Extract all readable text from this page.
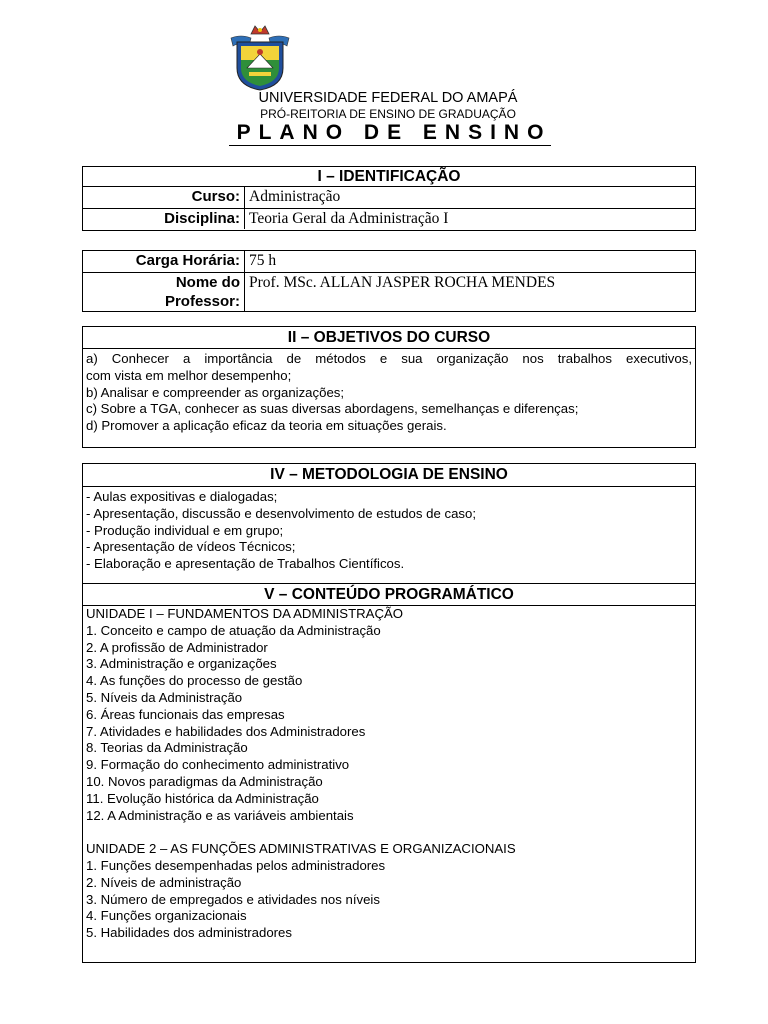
UNIVERSIDADE FEDERAL DO AMAPÁ
PRÓ-REITORIA DE ENSINO DE GRADUAÇÃO
PLANO DE ENSINO
I – IDENTIFICAÇÃO
Curso: Administração
Disciplina: Teoria Geral da Administração I
Carga Horária: 75 h
Nome do
Professor:
Prof. MSc. ALLAN JASPER ROCHA MENDES
II – OBJETIVOS DO CURSO
a) Conhecer a importância de métodos e sua organização nos trabalhos executivos,
com vista em melhor desempenho;
b) Analisar e compreender as organizações;
c) Sobre a TGA, conhecer as suas diversas abordagens, semelhanças e diferenças;
d) Promover a aplicação eficaz da teoria em situações gerais.
IV – METODOLOGIA DE ENSINO
- Aulas expositivas e dialogadas;
- Apresentação, discussão e desenvolvimento de estudos de caso;
- Produção individual e em grupo;
- Apresentação de vídeos Técnicos;
- Elaboração e apresentação de Trabalhos Científicos.
V – CONTEÚDO PROGRAMÁTICO
UNIDADE I – FUNDAMENTOS DA ADMINISTRAÇÃO
1. Conceito e campo de atuação da Administração
2. A profissão de Administrador
3. Administração e organizações
4. As funções do processo de gestão
5. Níveis da Administração
6. Áreas funcionais das empresas
7. Atividades e habilidades dos Administradores
8. Teorias da Administração
9. Formação do conhecimento administrativo
10. Novos paradigmas da Administração
11. Evolução histórica da Administração
12. A Administração e as variáveis ambientais
UNIDADE 2 – AS FUNÇÕES ADMINISTRATIVAS E ORGANIZACIONAIS
1. Funções desempenhadas pelos administradores
2. Níveis de administração
3. Número de empregados e atividades nos níveis
4. Funções organizacionais
5. Habilidades dos administradores
